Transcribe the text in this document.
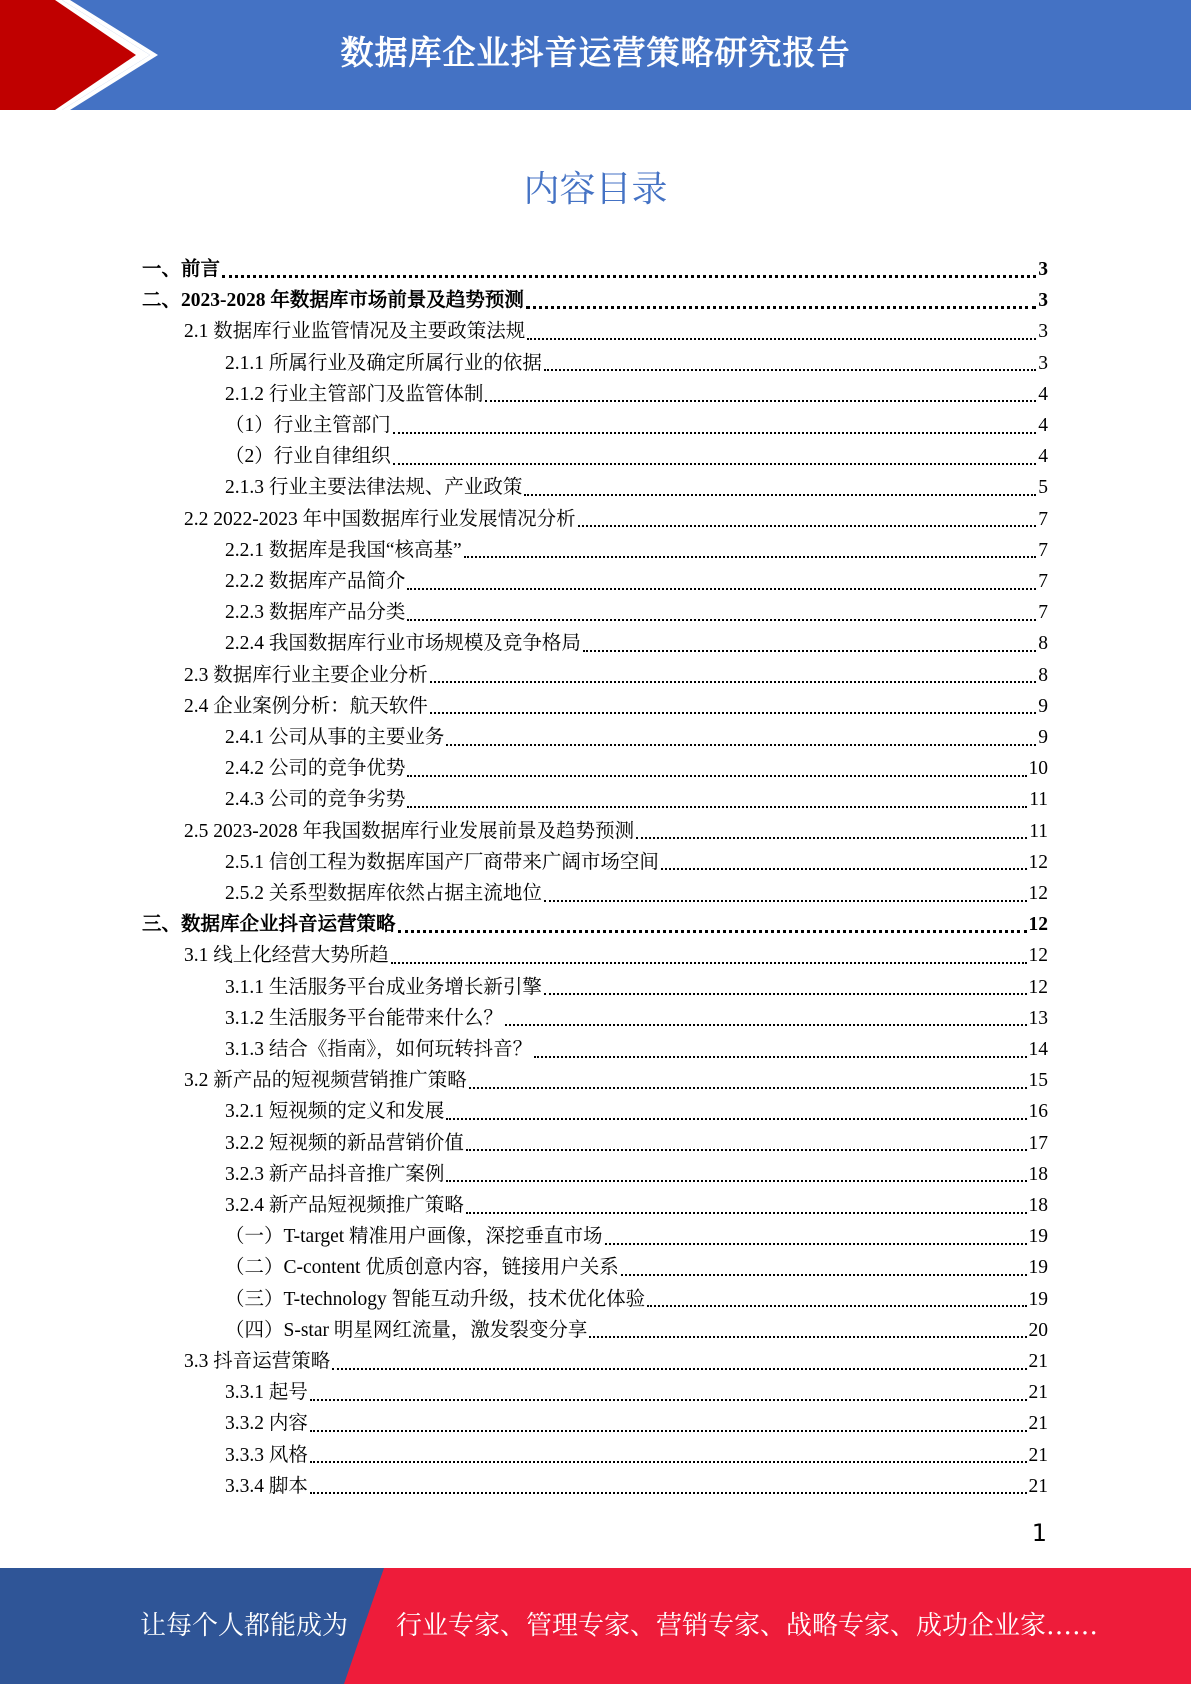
数据库企业抖音运营策略研究报告
内容目录
一、前言	3
二、2023-2028 年数据库市场前景及趋势预测	3
2.1 数据库行业监管情况及主要政策法规	3
2.1.1 所属行业及确定所属行业的依据	3
2.1.2 行业主管部门及监管体制	4
（1）行业主管部门	4
（2）行业自律组织	4
2.1.3 行业主要法律法规、产业政策	5
2.2 2022-2023 年中国数据库行业发展情况分析	7
2.2.1 数据库是我国“核高基”	7
2.2.2 数据库产品简介	7
2.2.3 数据库产品分类	7
2.2.4 我国数据库行业市场规模及竞争格局	8
2.3 数据库行业主要企业分析	8
2.4 企业案例分析：航天软件	9
2.4.1 公司从事的主要业务	9
2.4.2 公司的竞争优势	10
2.4.3 公司的竞争劣势	11
2.5 2023-2028 年我国数据库行业发展前景及趋势预测	11
2.5.1 信创工程为数据库国产厂商带来广阔市场空间	12
2.5.2 关系型数据库依然占据主流地位	12
三、数据库企业抖音运营策略	12
3.1 线上化经营大势所趋	12
3.1.1 生活服务平台成业务增长新引擎	12
3.1.2 生活服务平台能带来什么？	13
3.1.3 结合《指南》，如何玩转抖音？	14
3.2 新产品的短视频营销推广策略	15
3.2.1 短视频的定义和发展	16
3.2.2 短视频的新品营销价值	17
3.2.3 新产品抖音推广案例	18
3.2.4 新产品短视频推广策略	18
（一）T-target 精准用户画像，深挖垂直市场	19
（二）C-content 优质创意内容，链接用户关系	19
（三）T-technology 智能互动升级，技术优化体验	19
（四）S-star 明星网红流量，激发裂变分享	20
3.3 抖音运营策略	21
3.3.1 起号	21
3.3.2 内容	21
3.3.3 风格	21
3.3.4 脚本	21
1
让每个人都能成为 行业专家、管理专家、营销专家、战略专家、成功企业家……
